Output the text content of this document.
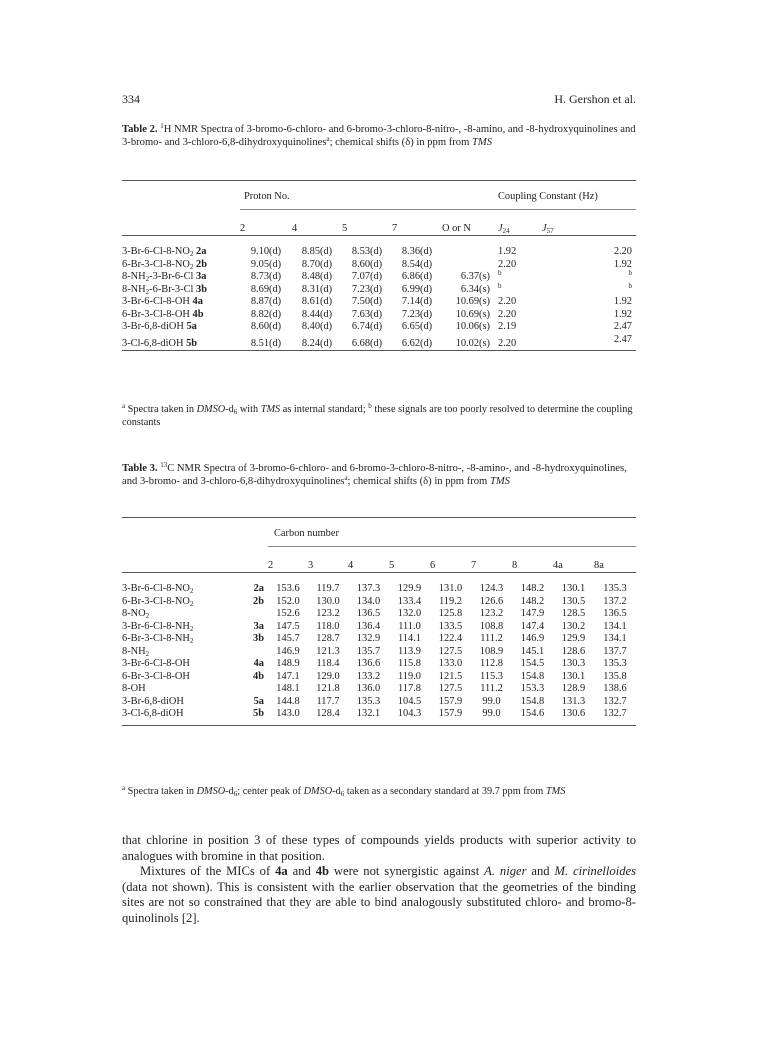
334	H. Gershon et al.
Table 2. $^1$H NMR Spectra of 3-bromo-6-chloro- and 6-bromo-3-chloro-8-nitro-, -8-amino, and -8-hydroxyquinolines and 3-bromo- and 3-chloro-6,8-dihydroxyquinolines$^a$; chemical shifts (δ) in ppm from TMS
	Proton No.					Coupling Constant (Hz)	

	2	4	5	7	O or N	$J_{24}$	$J_{57}$
$3-Br-6-Cl-8-NO_2$ 2a	9.10(d)	8.85(d)	8.53(d)	8.36(d)		1.92	2.20
$6-Br-3-Cl-8-NO_2$ 2b	9.05(d)	8.70(d)	8.60(d)	8.54(d)		2.20	1.92
$8-NH_2-3-Br-6-Cl$ 3a	8.73(d)	8.48(d)	7.07(d)	6.86(d)	6.37(s)	$^b$	$^b$
$8-NH_2-6-Br-3-Cl$ 3b	8.69(d)	8.31(d)	7.23(d)	6.99(d)	6.34(s)	$^b$	$^b$
3-Br-6-Cl-8-OH 4a	8.87(d)	8.61(d)	7.50(d)	7.14(d)	10.69(s)	2.20	1.92
6-Br-3-Cl-8-OH 4b	8.82(d)	8.44(d)	7.63(d)	7.23(d)	10.69(s)	2.20	1.92
3-Br-6,8-diOH 5a	8.60(d)	8.40(d)	6.74(d)	6.65(d)	10.06(s)	2.19	2.47
3-Cl-6,8-diOH 5b	8.51(d)	8.24(d)	6.68(d)	6.62(d)	10.02(s)	2.20	2.47
$^a$ Spectra taken in DMSO-$d_6$ with TMS as internal standard; $^b$ these signals are too poorly resolved to determine the coupling constants
Table 3. $^{13}$C NMR Spectra of 3-bromo-6-chloro- and 6-bromo-3-chloro-8-nitro-, -8-amino-, and -8-hydroxyquinolines, and 3-bromo- and 3-chloro-6,8-dihydroxyquinolines$^a$; chemical shifts (δ) in ppm from TMS
	Carbon number								

	2	3	4	5	6	7	8	4a	8a
$3-Br-6-Cl-8-NO_2$ 2a	153.6	119.7	137.3	129.9	131.0	124.3	148.2	130.1	135.3
$6-Br-3-Cl-8-NO_2$ 2b	152.0	130.0	134.0	133.4	119.2	126.6	148.2	130.5	137.2
$8-NO_2$	152.6	123.2	136.5	132.0	125.8	123.2	147.9	128.5	136.5
$3-Br-6-Cl-8-NH_2$ 3a	147.5	118.0	136.4	111.0	133.5	108.8	147.4	130.2	134.1
$6-Br-3-Cl-8-NH_2$ 3b	145.7	128.7	132.9	114.1	122.4	111.2	146.9	129.9	134.1
$8-NH_2$	146.9	121.3	135.7	113.9	127.5	108.9	145.1	128.6	137.7
3-Br-6-Cl-8-OH 4a	148.9	118.4	136.6	115.8	133.0	112.8	154.5	130.3	135.3
6-Br-3-Cl-8-OH 4b	147.1	129.0	133.2	119.0	121.5	115.3	154.8	130.1	135.8
8-OH	148.1	121.8	136.0	117.8	127.5	111.2	153.3	128.9	138.6
3-Br-6,8-diOH 5a	144.8	117.7	135.3	104.5	157.9	99.0	154.8	131.3	132.7
3-Cl-6,8-diOH 5b	143.0	128.4	132.1	104.3	157.9	99.0	154.6	130.6	132.7
$^a$ Spectra taken in DMSO-$d_6$; center peak of DMSO-$d_6$ taken as a secondary standard at 39.7 ppm from TMS

that chlorine in position 3 of these types of compounds yields products with superior activity to analogues with bromine in that position.

Mixtures of the MICs of 4a and 4b were not synergistic against A. niger and M. cirinelloides (data not shown). This is consistent with the earlier observation that the geometries of the binding sites are not so constrained that they are able to bind analogously substituted chloro- and bromo-8-quinolinols [2].
